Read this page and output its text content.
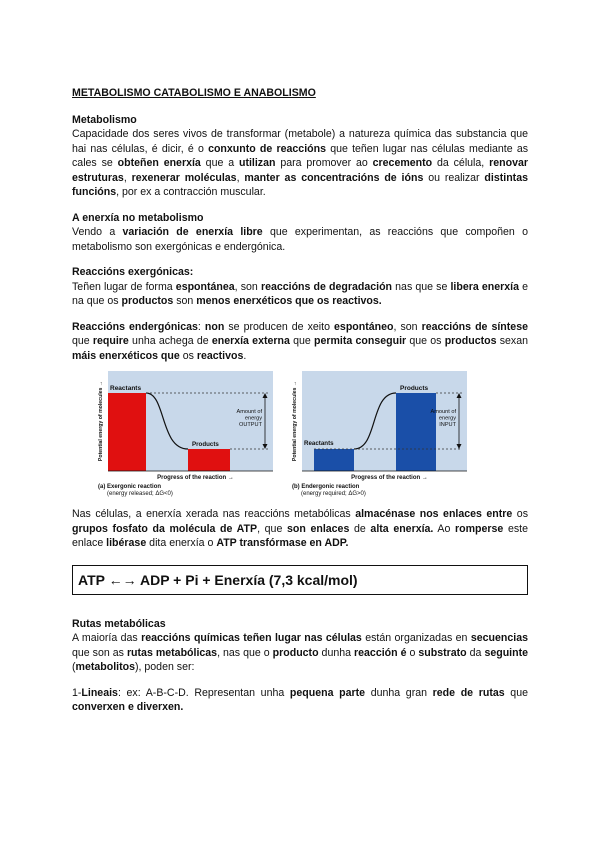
METABOLISMO CATABOLISMO E ANABOLISMO
Metabolismo

Capacidade dos seres vivos de transformar (metabole) a natureza química das substancia que hai nas células, é dicir, é o conxunto de reaccións que teñen lugar nas células mediante as cales se obteñen enerxía que a utilizan para promover ao crecemento da célula, renovar estruturas, rexenerar moléculas, manter as concentracións de ións ou realizar distintas funcións, por ex a contracción muscular.

A enerxía no metabolismo

Vendo a variación de enerxía libre que experimentan, as reaccións que compoñen o metabolismo son exergónicas e endergónica.

Reaccións exergónicas:

Teñen lugar de forma espontánea, son reaccións de degradación nas que se libera enerxía e na que os productos son menos enerxéticos que os reactivos.

Reaccións endergónicas: non se producen de xeito espontáneo, son reaccións de síntese que require unha achega de enerxía externa que permita conseguir que os productos sexan máis enerxéticos que os reactivos.

Potential energy of molecules → Reactants
Products
Amount of
energy
OUTPUT
Progress of the reaction →
(a) Exergonic reaction
(energy released; ΔG<0)
Potential energy of molecules → Reactants
Products
Amount of
energy
INPUT
Progress of the reaction →
(b) Endergonic reaction
(energy required; ΔG>0)

Nas células, a enerxía xerada nas reaccións metabólicas almacénase nos enlaces entre os grupos fosfato da molécula de ATP, que son enlaces de alta enerxía. Ao romperse este enlace libérase dita enerxía o ATP transfórmase en ADP.

ATP ←→ ADP + Pi + Enerxía (7,3 kcal/mol)
Rutas metabólicas

A maioría das reaccións químicas teñen lugar nas células están organizadas en secuencias que son as rutas metabólicas, nas que o producto dunha reacción é o substrato da seguinte (metabolitos), poden ser:

1-Lineais: ex: A-B-C-D. Representan unha pequena parte dunha gran rede de rutas que converxen e diverxen.
